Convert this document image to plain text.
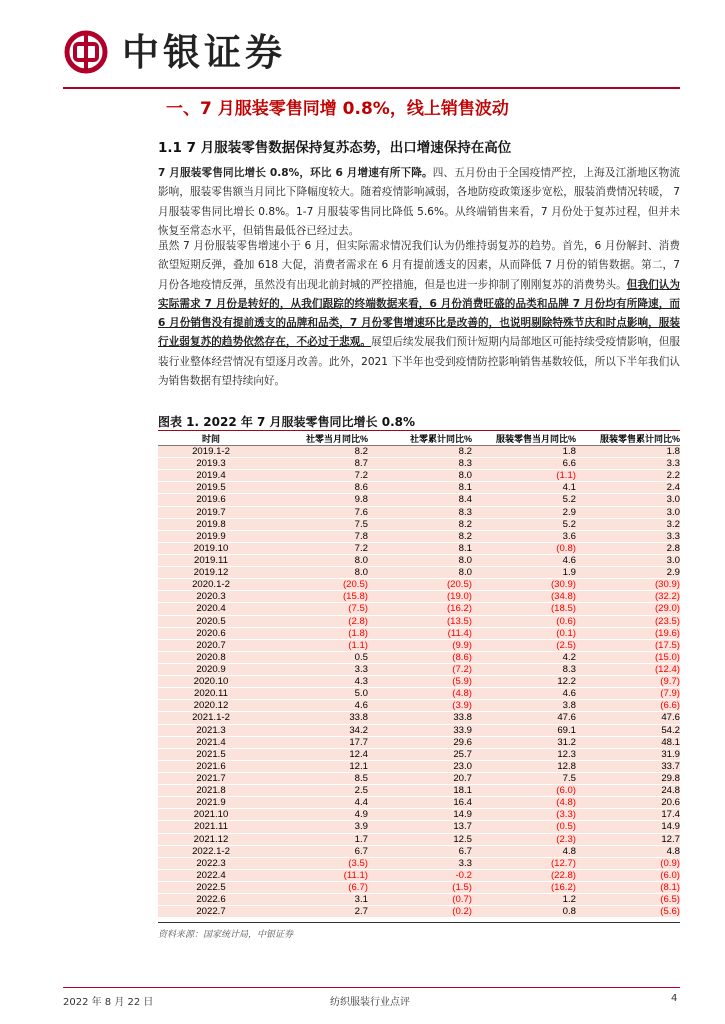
中银证券
一、7 月服装零售同增 0.8%，线上销售波动
1.1 7 月服装零售数据保持复苏态势，出口增速保持在高位
7 月服装零售同比增长 0.8%，环比 6 月增速有所下降。四、五月份由于全国疫情严控，上海及江浙地区物流影响，服装零售额当月同比下降幅度较大。随着疫情影响减弱，各地防疫政策逐步宽松，服装消费情况转暖， 7 月服装零售同比增长 0.8%。1-7 月服装零售同比降低 5.6%。从终端销售来看，7 月份处于复苏过程，但并未恢复至常态水平，但销售最低谷已经过去。
虽然 7 月份服装零售增速小于 6 月，但实际需求情况我们认为仍维持弱复苏的趋势。首先，6 月份解封、消费欲望短期反弹，叠加 618 大促，消费者需求在 6 月有提前透支的因素，从而降低 7 月份的销售数据。第二，7 月份各地疫情反弹，虽然没有出现北前封城的严控措施，但是也进一步抑制了刚刚复苏的消费势头。但我们认为实际需求 7 月份是转好的，从我们跟踪的终端数据来看，6 月份消费旺盛的品类和品牌 7 月份均有所降速，而 6 月份销售没有提前透支的品牌和品类，7 月份零售增速环比是改善的，也说明剔除特殊节庆和时点影响，服装行业弱复苏的趋势依然存在，不必过于悲观。展望后续发展我们预计短期内局部地区可能持续受疫情影响，但服装行业整体经营情况有望逐月改善。此外，2021 下半年也受到疫情防控影响销售基数较低，所以下半年我们认为销售数据有望持续向好。
图表 1. 2022 年 7 月服装零售同比增长 0.8%
时间	社零当月同比%	社零累计同比%	服装零售当月同比%	服装零售累计同比%
2019.1-2	8.2	8.2	1.8	1.8
2019.3	8.7	8.3	6.6	3.3
2019.4	7.2	8.0	(1.1)	2.2
2019.5	8.6	8.1	4.1	2.4
2019.6	9.8	8.4	5.2	3.0
2019.7	7.6	8.3	2.9	3.0
2019.8	7.5	8.2	5.2	3.2
2019.9	7.8	8.2	3.6	3.3
2019.10	7.2	8.1	(0.8)	2.8
2019.11	8.0	8.0	4.6	3.0
2019.12	8.0	8.0	1.9	2.9
2020.1-2	(20.5)	(20.5)	(30.9)	(30.9)
2020.3	(15.8)	(19.0)	(34.8)	(32.2)
2020.4	(7.5)	(16.2)	(18.5)	(29.0)
2020.5	(2.8)	(13.5)	(0.6)	(23.5)
2020.6	(1.8)	(11.4)	(0.1)	(19.6)
2020.7	(1.1)	(9.9)	(2.5)	(17.5)
2020.8	0.5	(8.6)	4.2	(15.0)
2020.9	3.3	(7.2)	8.3	(12.4)
2020.10	4.3	(5.9)	12.2	(9.7)
2020.11	5.0	(4.8)	4.6	(7.9)
2020.12	4.6	(3.9)	3.8	(6.6)
2021.1-2	33.8	33.8	47.6	47.6
2021.3	34.2	33.9	69.1	54.2
2021.4	17.7	29.6	31.2	48.1
2021.5	12.4	25.7	12.3	31.9
2021.6	12.1	23.0	12.8	33.7
2021.7	8.5	20.7	7.5	29.8
2021.8	2.5	18.1	(6.0)	24.8
2021.9	4.4	16.4	(4.8)	20.6
2021.10	4.9	14.9	(3.3)	17.4
2021.11	3.9	13.7	(0.5)	14.9
2021.12	1.7	12.5	(2.3)	12.7
2022.1-2	6.7	6.7	4.8	4.8
2022.3	(3.5)	3.3	(12.7)	(0.9)
2022.4	(11.1)	-0.2	(22.8)	(6.0)
2022.5	(6.7)	(1.5)	(16.2)	(8.1)
2022.6	3.1	(0.7)	1.2	(6.5)
2022.7	2.7	(0.2)	0.8	(5.6)
资料来源：国家统计局，中银证券
2022 年 8 月 22 日	纺织服装行业点评	4
